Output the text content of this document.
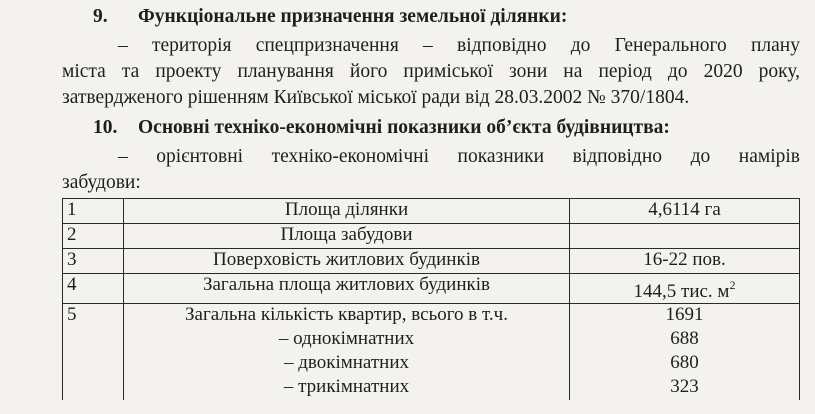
9. Функціональне призначення земельної ділянки:
– територія спецпризначення – відповідно до Генерального плану
міста та проекту планування його приміської зони на період до 2020 року,
затвердженого рішенням Київської міської ради від 28.03.2002 № 370/1804.
10. Основні техніко-економічні показники об’єкта будівництва:
– орієнтовні техніко-економічні показники відповідно до намірів
забудови:
1	Площа ділянки	4,6114 га
2	Площа забудови	
3	Поверховість житлових будинків	16-22 пов.
4	Загальна площа житлових будинків	144,5 тис. $м^2$
5	Загальна кількість квартир, всього в т.ч.	1691
	– однокімнатних	688
	– двокімнатних	680
	– трикімнатних	323
